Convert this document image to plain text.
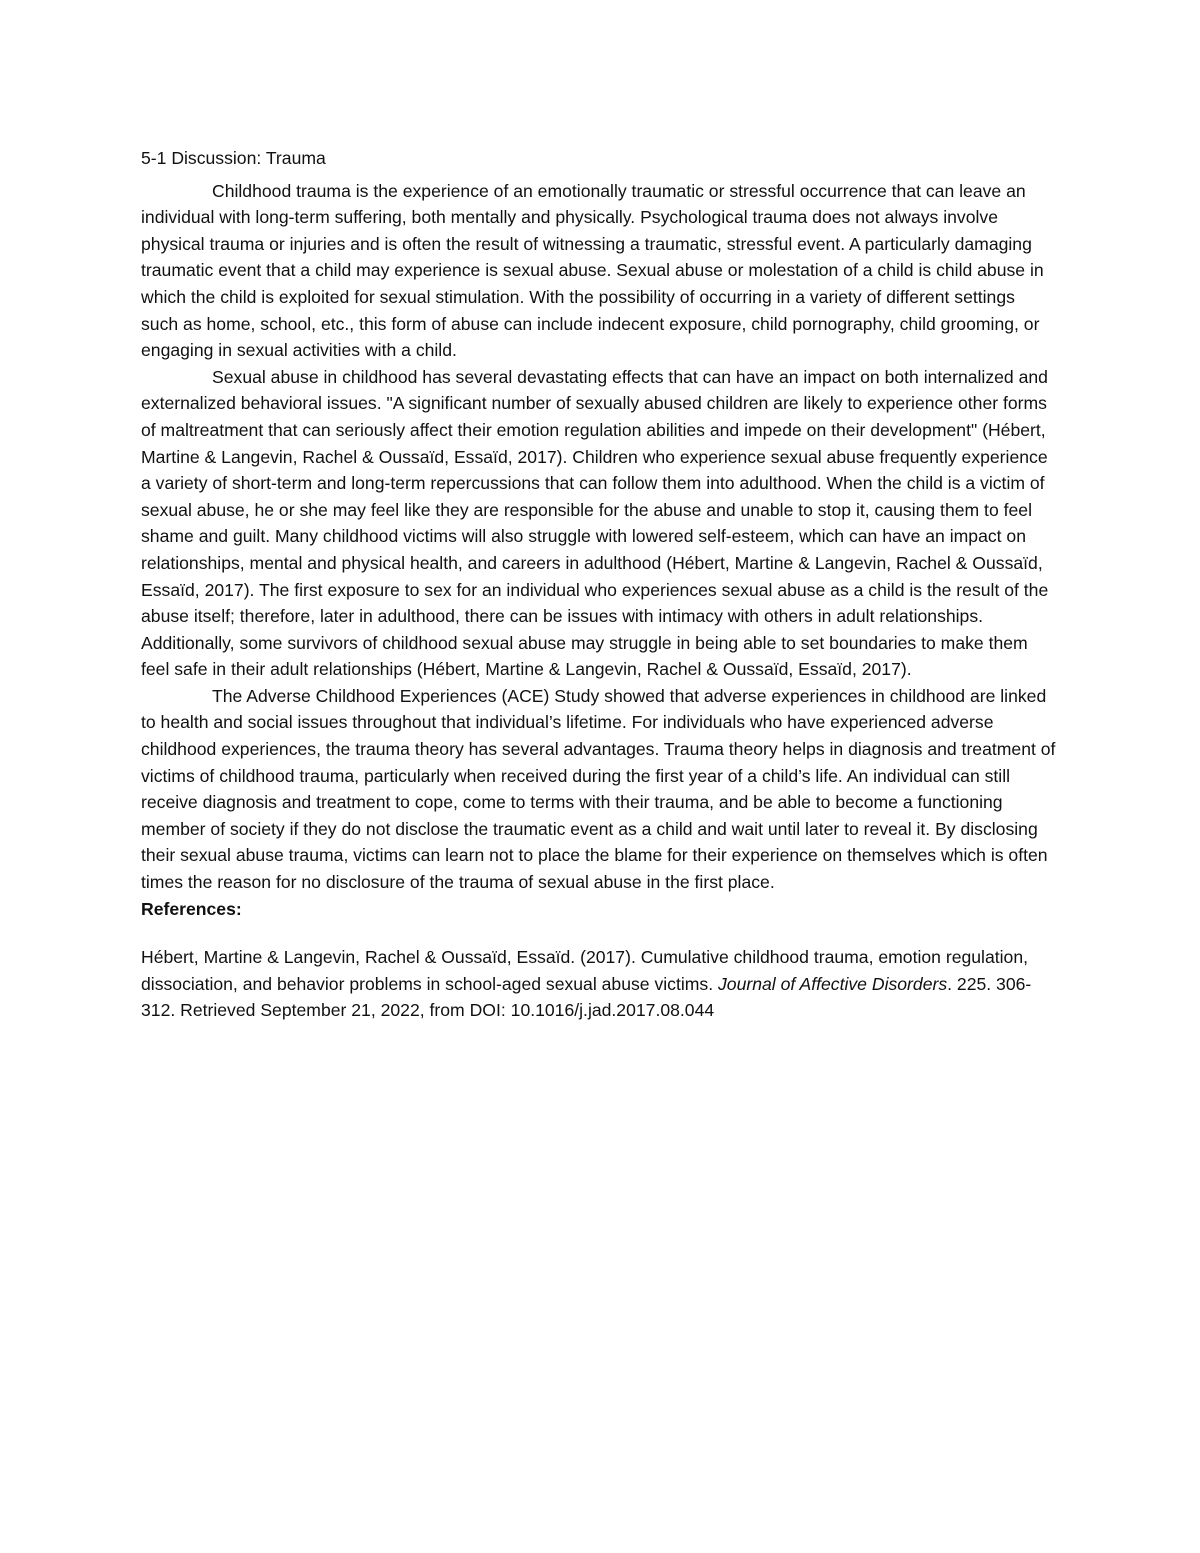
5-1 Discussion: Trauma

Childhood trauma is the experience of an emotionally traumatic or stressful occurrence that can leave an individual with long-term suffering, both mentally and physically. Psychological trauma does not always involve physical trauma or injuries and is often the result of witnessing a traumatic, stressful event. A particularly damaging traumatic event that a child may experience is sexual abuse. Sexual abuse or molestation of a child is child abuse in which the child is exploited for sexual stimulation. With the possibility of occurring in a variety of different settings such as home, school, etc., this form of abuse can include indecent exposure, child pornography, child grooming, or engaging in sexual activities with a child.

Sexual abuse in childhood has several devastating effects that can have an impact on both internalized and externalized behavioral issues. "A significant number of sexually abused children are likely to experience other forms of maltreatment that can seriously affect their emotion regulation abilities and impede on their development" (Hébert, Martine & Langevin, Rachel & Oussaïd, Essaïd, 2017). Children who experience sexual abuse frequently experience a variety of short-term and long-term repercussions that can follow them into adulthood. When the child is a victim of sexual abuse, he or she may feel like they are responsible for the abuse and unable to stop it, causing them to feel shame and guilt. Many childhood victims will also struggle with lowered self-esteem, which can have an impact on relationships, mental and physical health, and careers in adulthood (Hébert, Martine & Langevin, Rachel & Oussaïd, Essaïd, 2017). The first exposure to sex for an individual who experiences sexual abuse as a child is the result of the abuse itself; therefore, later in adulthood, there can be issues with intimacy with others in adult relationships. Additionally, some survivors of childhood sexual abuse may struggle in being able to set boundaries to make them feel safe in their adult relationships (Hébert, Martine & Langevin, Rachel & Oussaïd, Essaïd, 2017).

The Adverse Childhood Experiences (ACE) Study showed that adverse experiences in childhood are linked to health and social issues throughout that individual’s lifetime. For individuals who have experienced adverse childhood experiences, the trauma theory has several advantages. Trauma theory helps in diagnosis and treatment of victims of childhood trauma, particularly when received during the first year of a child’s life. An individual can still receive diagnosis and treatment to cope, come to terms with their trauma, and be able to become a functioning member of society if they do not disclose the traumatic event as a child and wait until later to reveal it. By disclosing their sexual abuse trauma, victims can learn not to place the blame for their experience on themselves which is often times the reason for no disclosure of the trauma of sexual abuse in the first place.

References:

Hébert, Martine & Langevin, Rachel & Oussaïd, Essaïd. (2017). Cumulative childhood trauma, emotion regulation, dissociation, and behavior problems in school-aged sexual abuse victims. Journal of Affective Disorders. 225. 306-312. Retrieved September 21, 2022, from DOI: 10.1016/j.jad.2017.08.044
